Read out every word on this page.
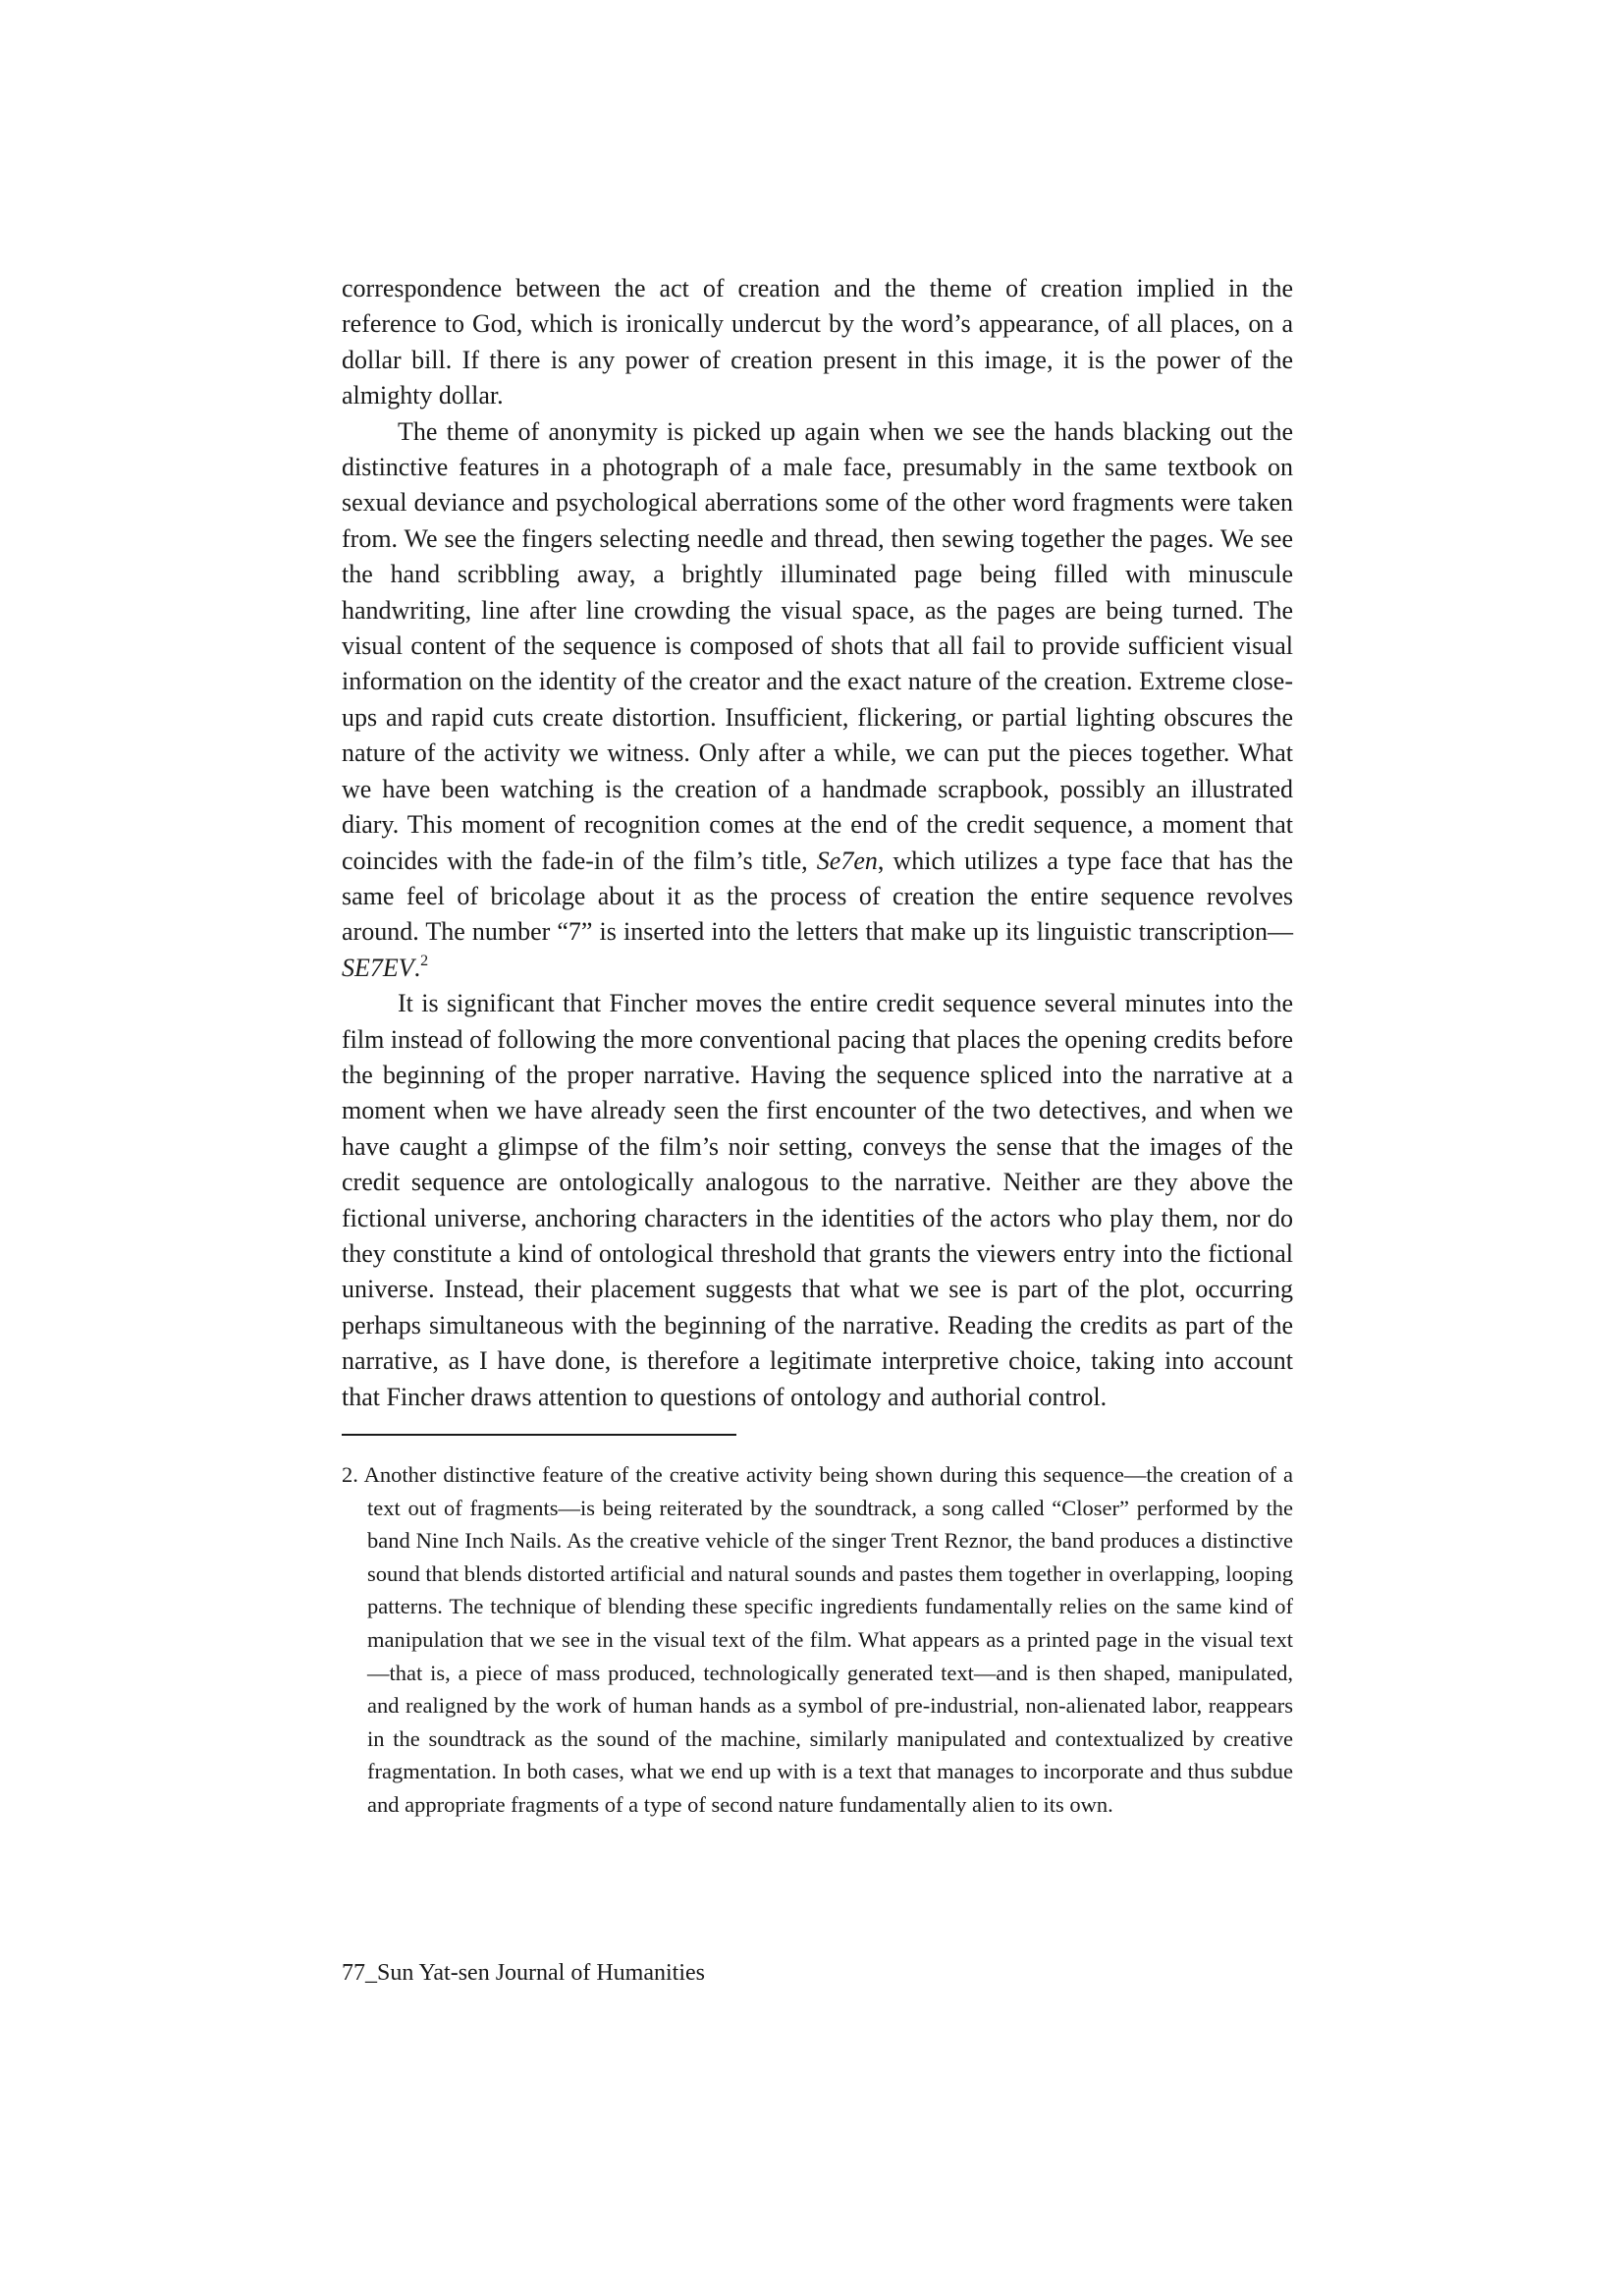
correspondence between the act of creation and the theme of creation implied in the reference to God, which is ironically undercut by the word’s appearance, of all places, on a dollar bill. If there is any power of creation present in this image, it is the power of the almighty dollar.

The theme of anonymity is picked up again when we see the hands blacking out the distinctive features in a photograph of a male face, presumably in the same textbook on sexual deviance and psychological aberrations some of the other word fragments were taken from. We see the fingers selecting needle and thread, then sewing together the pages. We see the hand scribbling away, a brightly illuminated page being filled with minuscule handwriting, line after line crowding the visual space, as the pages are being turned. The visual content of the sequence is composed of shots that all fail to provide sufficient visual information on the identity of the creator and the exact nature of the creation. Extreme close-ups and rapid cuts create distortion. Insufficient, flickering, or partial lighting obscures the nature of the activity we witness. Only after a while, we can put the pieces together. What we have been watching is the creation of a handmade scrapbook, possibly an illustrated diary. This moment of recognition comes at the end of the credit sequence, a moment that coincides with the fade-in of the film’s title, Se7en, which utilizes a type face that has the same feel of bricolage about it as the process of creation the entire sequence revolves around. The number “7” is inserted into the letters that make up its linguistic transcription—SE7EV.$^2$

It is significant that Fincher moves the entire credit sequence several minutes into the film instead of following the more conventional pacing that places the opening credits before the beginning of the proper narrative. Having the sequence spliced into the narrative at a moment when we have already seen the first encounter of the two detectives, and when we have caught a glimpse of the film’s noir setting, conveys the sense that the images of the credit sequence are ontologically analogous to the narrative. Neither are they above the fictional universe, anchoring characters in the identities of the actors who play them, nor do they constitute a kind of ontological threshold that grants the viewers entry into the fictional universe. Instead, their placement suggests that what we see is part of the plot, occurring perhaps simultaneous with the beginning of the narrative. Reading the credits as part of the narrative, as I have done, is therefore a legitimate interpretive choice, taking into account that Fincher draws attention to questions of ontology and authorial control.

2. Another distinctive feature of the creative activity being shown during this sequence—the creation of a text out of fragments—is being reiterated by the soundtrack, a song called “Closer” performed by the band Nine Inch Nails. As the creative vehicle of the singer Trent Reznor, the band produces a distinctive sound that blends distorted artificial and natural sounds and pastes them together in overlapping, looping patterns. The technique of blending these specific ingredients fundamentally relies on the same kind of manipulation that we see in the visual text of the film. What appears as a printed page in the visual text—that is, a piece of mass produced, technologically generated text—and is then shaped, manipulated, and realigned by the work of human hands as a symbol of pre-industrial, non-alienated labor, reappears in the soundtrack as the sound of the machine, similarly manipulated and contextualized by creative fragmentation. In both cases, what we end up with is a text that manages to incorporate and thus subdue and appropriate fragments of a type of second nature fundamentally alien to its own.
77_Sun Yat-sen Journal of Humanities
